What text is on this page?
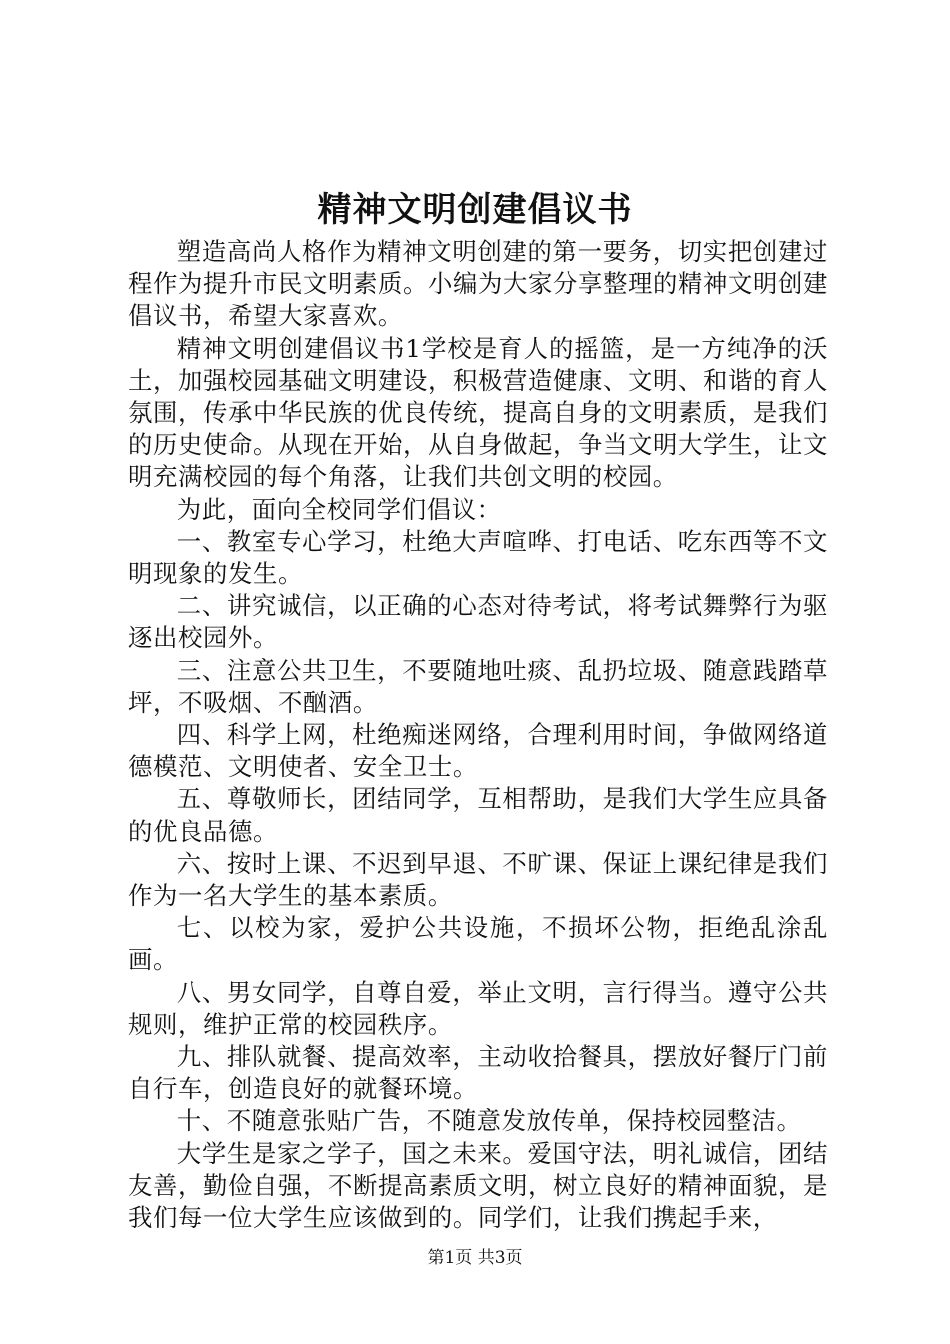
精神文明创建倡议书

塑造高尚人格作为精神文明创建的第一要务，切实把创建过程作为提升市民文明素质。小编为大家分享整理的精神文明创建倡议书，希望大家喜欢。

精神文明创建倡议书1学校是育人的摇篮，是一方纯净的沃土，加强校园基础文明建设，积极营造健康、文明、和谐的育人氛围，传承中华民族的优良传统，提高自身的文明素质，是我们的历史使命。从现在开始，从自身做起，争当文明大学生，让文明充满校园的每个角落，让我们共创文明的校园。

为此，面向全校同学们倡议：

一、教室专心学习，杜绝大声喧哗、打电话、吃东西等不文明现象的发生。

二、讲究诚信，以正确的心态对待考试，将考试舞弊行为驱逐出校园外。

三、注意公共卫生，不要随地吐痰、乱扔垃圾、随意践踏草坪，不吸烟、不酗酒。

四、科学上网，杜绝痴迷网络，合理利用时间，争做网络道德模范、文明使者、安全卫士。

五、尊敬师长，团结同学，互相帮助，是我们大学生应具备的优良品德。

六、按时上课、不迟到早退、不旷课、保证上课纪律是我们作为一名大学生的基本素质。

七、以校为家，爱护公共设施，不损坏公物，拒绝乱涂乱画。

八、男女同学，自尊自爱，举止文明，言行得当。遵守公共规则，维护正常的校园秩序。

九、排队就餐、提高效率，主动收拾餐具，摆放好餐厅门前自行车，创造良好的就餐环境。

十、不随意张贴广告，不随意发放传单，保持校园整洁。

大学生是家之学子，国之未来。爱国守法，明礼诚信，团结友善，勤俭自强，不断提高素质文明，树立良好的精神面貌，是我们每一位大学生应该做到的。同学们，让我们携起手来，

第1页 共3页
